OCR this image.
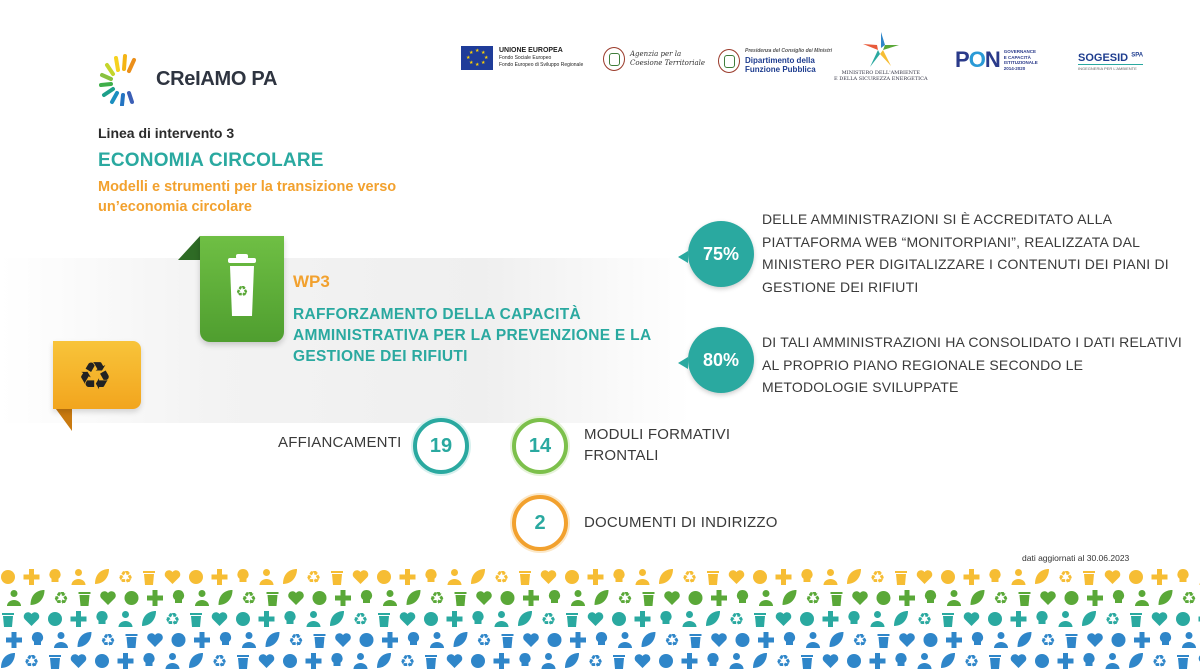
CReIAMO PA
★ ★
★
★
★
★
★
★	UNIONE EUROPEA
Fondo Sociale Europeo
Fondo Europeo di Sviluppo Regionale
Agenzia per la
Coesione Territoriale
Presidenza del Consiglio dei Ministri
Dipartimento della
Funzione Pubblica	MINISTERO DELL'AMBIENTE
E DELLA SICUREZZA ENERGETICA
PON GOVERNANCE
E CAPACITÀ
ISTITUZIONALE
2014-2020
SOGESID $^{SPA}$
INGEGNERIA PER L'AMBIENTE
Linea di intervento 3
ECONOMIA CIRCOLARE
Modelli e strumenti per la transizione verso un’economia circolare
♻
WP3
RAFFORZAMENTO DELLA CAPACITÀ AMMINISTRATIVA PER LA PREVENZIONE E LA GESTIONE DEI RIFIUTI
♻
75%
DELLE AMMINISTRAZIONI SI È ACCREDITATO ALLA PIATTAFORMA WEB “MONITORPIANI”, REALIZZATA DAL MINISTERO PER DIGITALIZZARE I CONTENUTI DEI PIANI DI GESTIONE DEI RIFIUTI
80%
DI TALI AMMINISTRAZIONI HA CONSOLIDATO I DATI RELATIVI AL PROPRIO PIANO REGIONALE SECONDO LE METODOLOGIE SVILUPPATE
AFFIANCAMENTI	19	14	MODULI FORMATIVI FRONTALI
2	DOCUMENTI DI INDIRIZZO
dati aggiornati al 30.06.2023
♻	♻	♻	♻	♻	♻
♻	♻	♻	♻	♻	♻	♻
♻	♻	♻	♻	♻	♻
♻	♻	♻	♻	♻	♻
♻	♻	♻	♻	♻	♻	♻
